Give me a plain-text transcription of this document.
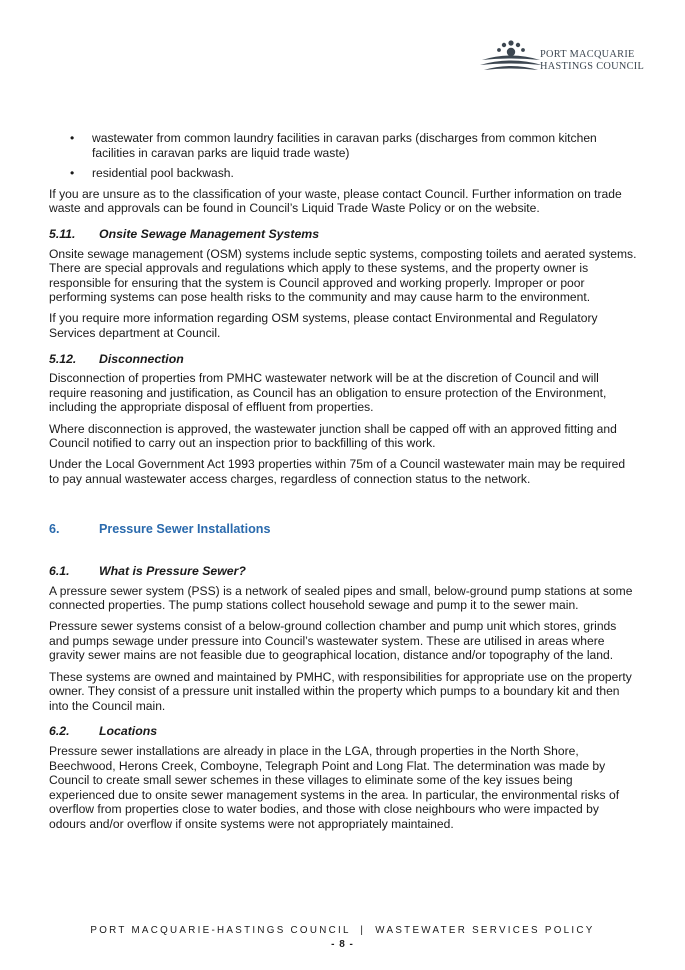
PORT MACQUARIE
HASTINGS COUNCIL
• wastewater from common laundry facilities in caravan parks (discharges from common kitchen facilities in caravan parks are liquid trade waste)
• residential pool backwash.

If you are unsure as to the classification of your waste, please contact Council. Further information on trade waste and approvals can be found in Council’s Liquid Trade Waste Policy or on the website.

5.11.	Onsite Sewage Management Systems

Onsite sewage management (OSM) systems include septic systems, composting toilets and aerated systems. There are special approvals and regulations which apply to these systems, and the property owner is responsible for ensuring that the system is Council approved and working properly. Improper or poor performing systems can pose health risks to the community and may cause harm to the environment.

If you require more information regarding OSM systems, please contact Environmental and Regulatory Services department at Council.

5.12.	Disconnection

Disconnection of properties from PMHC wastewater network will be at the discretion of Council and will require reasoning and justification, as Council has an obligation to ensure protection of the Environment, including the appropriate disposal of effluent from properties.

Where disconnection is approved, the wastewater junction shall be capped off with an approved fitting and Council notified to carry out an inspection prior to backfilling of this work.

Under the Local Government Act 1993 properties within 75m of a Council wastewater main may be required to pay annual wastewater access charges, regardless of connection status to the network.

6.	Pressure Sewer Installations
6.1.	What is Pressure Sewer?

A pressure sewer system (PSS) is a network of sealed pipes and small, below-ground pump stations at some connected properties. The pump stations collect household sewage and pump it to the sewer main.

Pressure sewer systems consist of a below-ground collection chamber and pump unit which stores, grinds and pumps sewage under pressure into Council’s wastewater system. These are utilised in areas where gravity sewer mains are not feasible due to geographical location, distance and/or topography of the land.

These systems are owned and maintained by PMHC, with responsibilities for appropriate use on the property owner. They consist of a pressure unit installed within the property which pumps to a boundary kit and then into the Council main.

6.2.	Locations

Pressure sewer installations are already in place in the LGA, through properties in the North Shore, Beechwood, Herons Creek, Comboyne, Telegraph Point and Long Flat. The determination was made by Council to create small sewer schemes in these villages to eliminate some of the key issues being experienced due to onsite sewer management systems in the area. In particular, the environmental risks of overflow from properties close to water bodies, and those with close neighbours who were impacted by odours and/or overflow if onsite systems were not appropriately maintained.

PORT MACQUARIE-HASTINGS COUNCIL  |  WASTEWATER SERVICES POLICY
- 8 -
